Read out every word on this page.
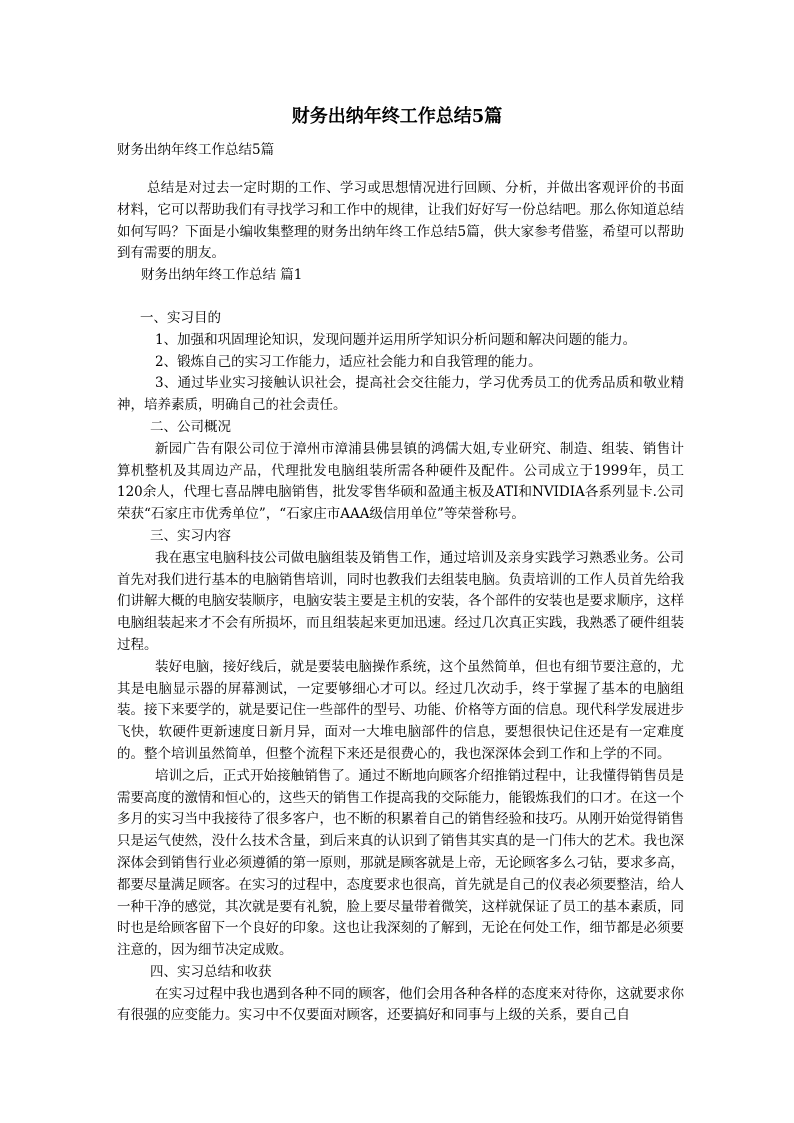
财务出纳年终工作总结5篇

财务出纳年终工作总结5篇

总结是对过去一定时期的工作、学习或思想情况进行回顾、分析，并做出客观评价的书面材料，它可以帮助我们有寻找学习和工作中的规律，让我们好好写一份总结吧。那么你知道总结如何写吗？下面是小编收集整理的财务出纳年终工作总结5篇，供大家参考借鉴，希望可以帮助到有需要的朋友。

财务出纳年终工作总结 篇1

一、实习目的

1、加强和巩固理论知识，发现问题并运用所学知识分析问题和解决问题的能力。

2、锻炼自己的实习工作能力，适应社会能力和自我管理的能力。

3、通过毕业实习接触认识社会，提高社会交往能力，学习优秀员工的优秀品质和敬业精神，培养素质，明确自己的社会责任。

二、公司概况

新园广告有限公司位于漳州市漳浦县佛昙镇的鸿儒大姐,专业研究、制造、组装、销售计算机整机及其周边产品，代理批发电脑组装所需各种硬件及配件。公司成立于1999年，员工120余人，代理七喜品牌电脑销售，批发零售华硕和盈通主板及ATI和NVIDIA各系列显卡.公司荣获“石家庄市优秀单位”，“石家庄市AAA级信用单位”等荣誉称号。

三、实习内容

我在惠宝电脑科技公司做电脑组装及销售工作，通过培训及亲身实践学习熟悉业务。公司首先对我们进行基本的电脑销售培训，同时也教我们去组装电脑。负责培训的工作人员首先给我们讲解大概的电脑安装顺序，电脑安装主要是主机的安装，各个部件的安装也是要求顺序，这样电脑组装起来才不会有所损坏，而且组装起来更加迅速。经过几次真正实践，我熟悉了硬件组装过程。

装好电脑，接好线后，就是要装电脑操作系统，这个虽然简单，但也有细节要注意的，尤其是电脑显示器的屏幕测试，一定要够细心才可以。经过几次动手，终于掌握了基本的电脑组装。接下来要学的，就是要记住一些部件的型号、功能、价格等方面的信息。现代科学发展进步飞快，软硬件更新速度日新月异，面对一大堆电脑部件的信息，要想很快记住还是有一定难度的。整个培训虽然简单，但整个流程下来还是很费心的，我也深深体会到工作和上学的不同。

培训之后，正式开始接触销售了。通过不断地向顾客介绍推销过程中，让我懂得销售员是需要高度的激情和恒心的，这些天的销售工作提高我的交际能力，能锻炼我们的口才。在这一个多月的实习当中我接待了很多客户，也不断的积累着自己的销售经验和技巧。从刚开始觉得销售只是运气使然，没什么技术含量，到后来真的认识到了销售其实真的是一门伟大的艺术。我也深深体会到销售行业必须遵循的第一原则，那就是顾客就是上帝，无论顾客多么刁钻，要求多高，都要尽量满足顾客。在实习的过程中，态度要求也很高，首先就是自己的仪表必须要整洁，给人一种干净的感觉，其次就是要有礼貌，脸上要尽量带着微笑，这样就保证了员工的基本素质，同时也是给顾客留下一个良好的印象。这也让我深刻的了解到，无论在何处工作，细节都是必须要注意的，因为细节决定成败。

四、实习总结和收获

在实习过程中我也遇到各种不同的顾客，他们会用各种各样的态度来对待你，这就要求你有很强的应变能力。实习中不仅要面对顾客，还要搞好和同事与上级的关系，要自己自
